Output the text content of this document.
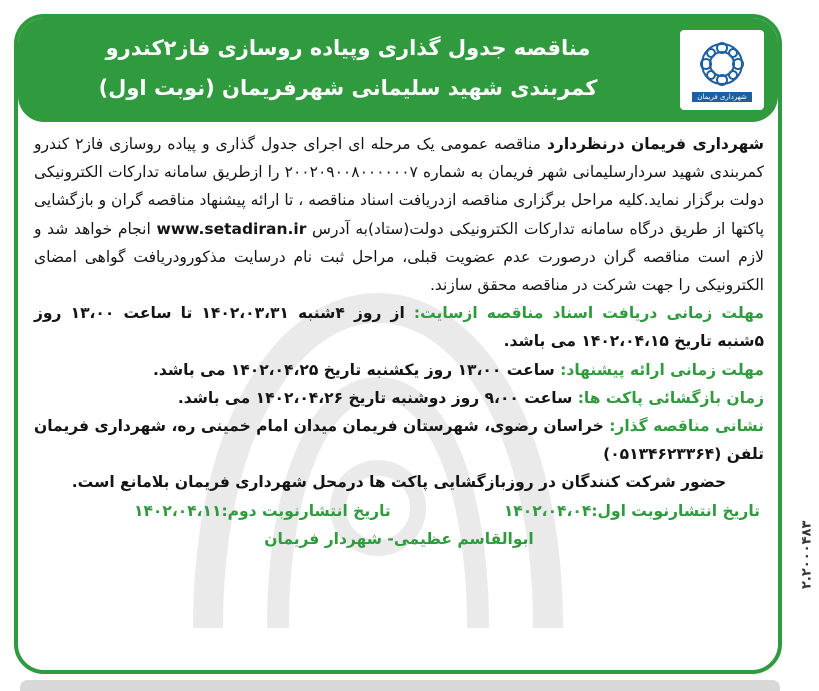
مناقصه جدول گذاری وپیاده روسازی فاز۲کندرو
کمربندی شهید سلیمانی شهرفریمان (نوبت اول)	شهرداری فریمان

شهرداری فریمان درنظردارد مناقصه عمومی یک مرحله ای اجرای جدول گذاری و پیاده روسازی فاز۲ کندرو کمربندی شهید سردارسلیمانی شهر فریمان به شماره ۲۰۰۲۰۹۰۰۸۰۰۰۰۰۰۷ را ازطریق سامانه تدارکات الکترونیکی دولت برگزار نماید.کلیه مراحل برگزاری مناقصه ازدریافت اسناد مناقصه ، تا ارائه پیشنهاد مناقصه گران و بازگشایی پاکتها از طریق درگاه سامانه تدارکات الکترونیکی دولت(ستاد)به آدرس www.setadiran.ir انجام خواهد شد و لازم است مناقصه گران درصورت عدم عضویت قبلی، مراحل ثبت نام درسایت مذکورودریافت گواهی امضای الکترونیکی را جهت شرکت در مناقصه محقق سازند.

مهلت زمانی دریافت اسناد مناقصه ازسایت: از روز ۴شنبه ۱۴۰۲،۰۳،۳۱ تا ساعت ۱۳،۰۰ روز ۵شنبه تاریخ ۱۴۰۲،۰۴،۱۵ می باشد.

مهلت زمانی ارائه پیشنهاد: ساعت ۱۳،۰۰ روز یکشنبه تاریخ ۱۴۰۲،۰۴،۲۵ می باشد.

زمان بازگشائی پاکت ها: ساعت ۹،۰۰ روز دوشنبه تاریخ ۱۴۰۲،۰۴،۲۶ می باشد.

نشانی مناقصه گذار: خراسان رضوی، شهرستان فریمان میدان امام خمینی ره، شهرداری فریمان تلفن (۰۵۱۳۴۶۲۳۳۶۴)

حضور شرکت کنندگان در روزبازگشایی پاکت ها درمحل شهرداری فریمان بلامانع است.

تاریخ انتشارنوبت اول:۱۴۰۲،۰۴،۰۴
تاریخ انتشارنوبت دوم:۱۴۰۲،۰۴،۱۱

ابوالقاسم عظیمی- شهردار فریمان	۲.۲۰۰۰۴۸۳
